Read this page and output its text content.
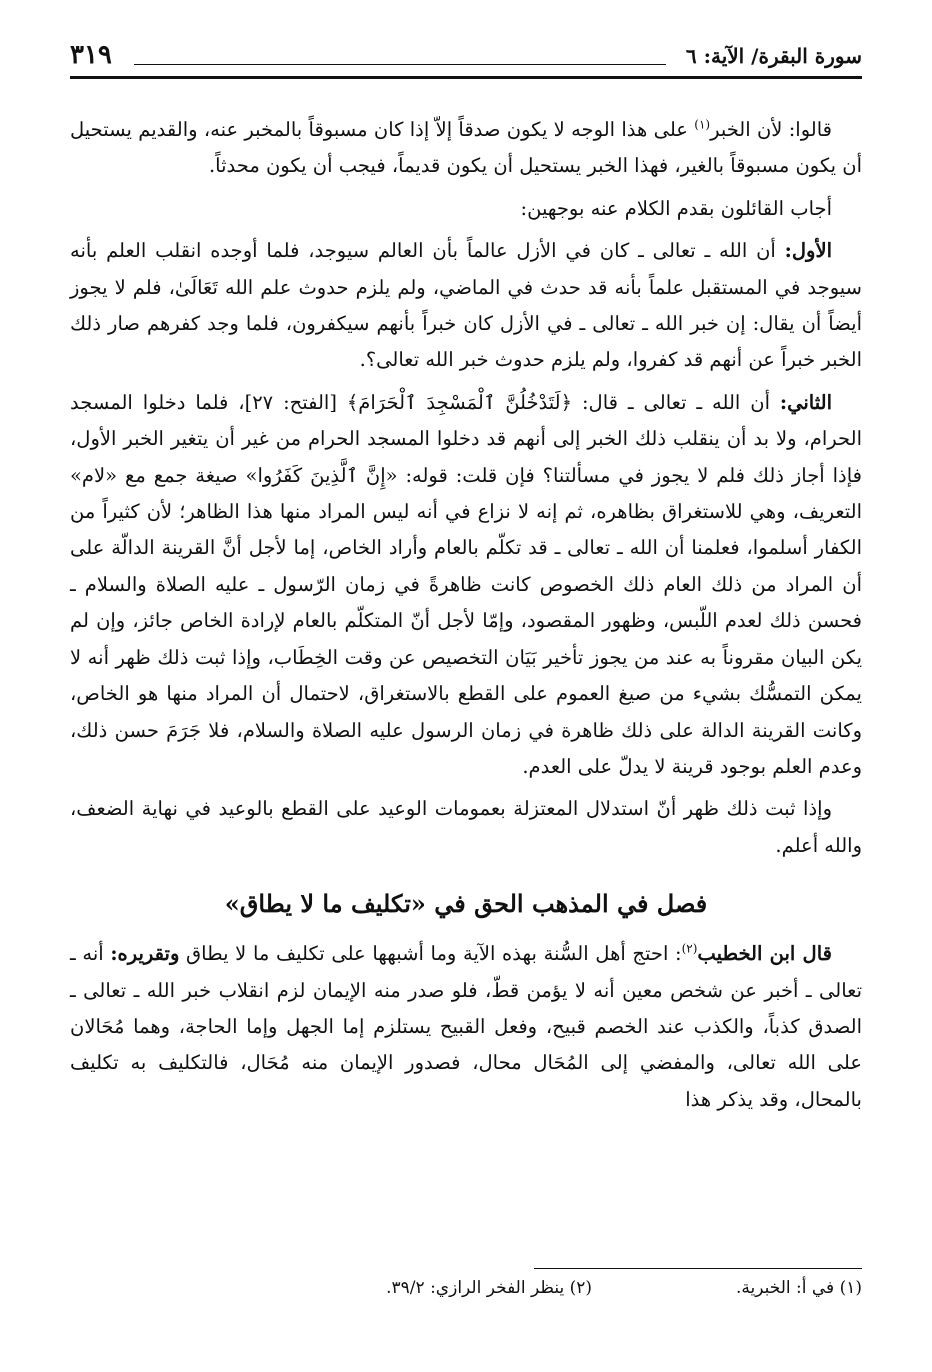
سورة البقرة/ الآية: ٦
٣١٩

قالوا: لأن الخبر$^{(١)}$ على هذا الوجه لا يكون صدقاً إلاّ إذا كان مسبوقاً بالمخبر عنه، والقديم يستحيل أن يكون مسبوقاً بالغير، فهذا الخبر يستحيل أن يكون قديماً، فيجب أن يكون محدثاً.

أجاب القائلون بقدم الكلام عنه بوجهين:

الأول: أن الله ـ تعالى ـ كان في الأزل عالماً بأن العالم سيوجد، فلما أوجده انقلب العلم بأنه سيوجد في المستقبل علماً بأنه قد حدث في الماضي، ولم يلزم حدوث علم الله تَعَالَىٰ، فلم لا يجوز أيضاً أن يقال: إن خبر الله ـ تعالى ـ في الأزل كان خبراً بأنهم سيكفرون، فلما وجد كفرهم صار ذلك الخبر خبراً عن أنهم قد كفروا، ولم يلزم حدوث خبر الله تعالى؟.

الثاني: أن الله ـ تعالى ـ قال: ﴿لَتَدْخُلُنَّ ٱلْمَسْجِدَ ٱلْحَرَامَ﴾ [الفتح: ٢٧]، فلما دخلوا المسجد الحرام، ولا بد أن ينقلب ذلك الخبر إلى أنهم قد دخلوا المسجد الحرام من غير أن يتغير الخبر الأول، فإذا أجاز ذلك فلم لا يجوز في مسألتنا؟ فإن قلت: قوله: «إِنَّ ٱلَّذِينَ كَفَرُوا» صيغة جمع مع «لام» التعريف، وهي للاستغراق بظاهره، ثم إنه لا نزاع في أنه ليس المراد منها هذا الظاهر؛ لأن كثيراً من الكفار أسلموا، فعلمنا أن الله ـ تعالى ـ قد تكلّم بالعام وأراد الخاص، إما لأجل أنَّ القرينة الدالّة على أن المراد من ذلك العام ذلك الخصوص كانت ظاهرةً في زمان الرّسول ـ عليه الصلاة والسلام ـ فحسن ذلك لعدم اللّبس، وظهور المقصود، وإمّا لأجل أنّ المتكلّم بالعام لإرادة الخاص جائز، وإن لم يكن البيان مقروناً به عند من يجوز تأخير بَيَان التخصيص عن وقت الخِطَاب، وإذا ثبت ذلك ظهر أنه لا يمكن التمسُّك بشيء من صيغ العموم على القطع بالاستغراق، لاحتمال أن المراد منها هو الخاص، وكانت القرينة الدالة على ذلك ظاهرة في زمان الرسول عليه الصلاة والسلام، فلا جَرَمَ حسن ذلك، وعدم العلم بوجود قرينة لا يدلّ على العدم.

وإذا ثبت ذلك ظهر أنّ استدلال المعتزلة بعمومات الوعيد على القطع بالوعيد في نهاية الضعف، والله أعلم.

فصل في المذهب الحق في «تكليف ما لا يطاق»

قال ابن الخطيب$^{(٢)}$: احتج أهل السُّنة بهذه الآية وما أشبهها على تكليف ما لا يطاق وتقريره: أنه ـ تعالى ـ أخبر عن شخص معين أنه لا يؤمن قطّ، فلو صدر منه الإيمان لزم انقلاب خبر الله ـ تعالى ـ الصدق كذباً، والكذب عند الخصم قبيح، وفعل القبيح يستلزم إما الجهل وإما الحاجة، وهما مُحَالان على الله تعالى، والمفضي إلى المُحَال محال، فصدور الإيمان منه مُحَال، فالتكليف به تكليف بالمحال، وقد يذكر هذا

(١) في أ: الخبرية.
(٢) ينظر الفخر الرازي: ٣٩/٢.
